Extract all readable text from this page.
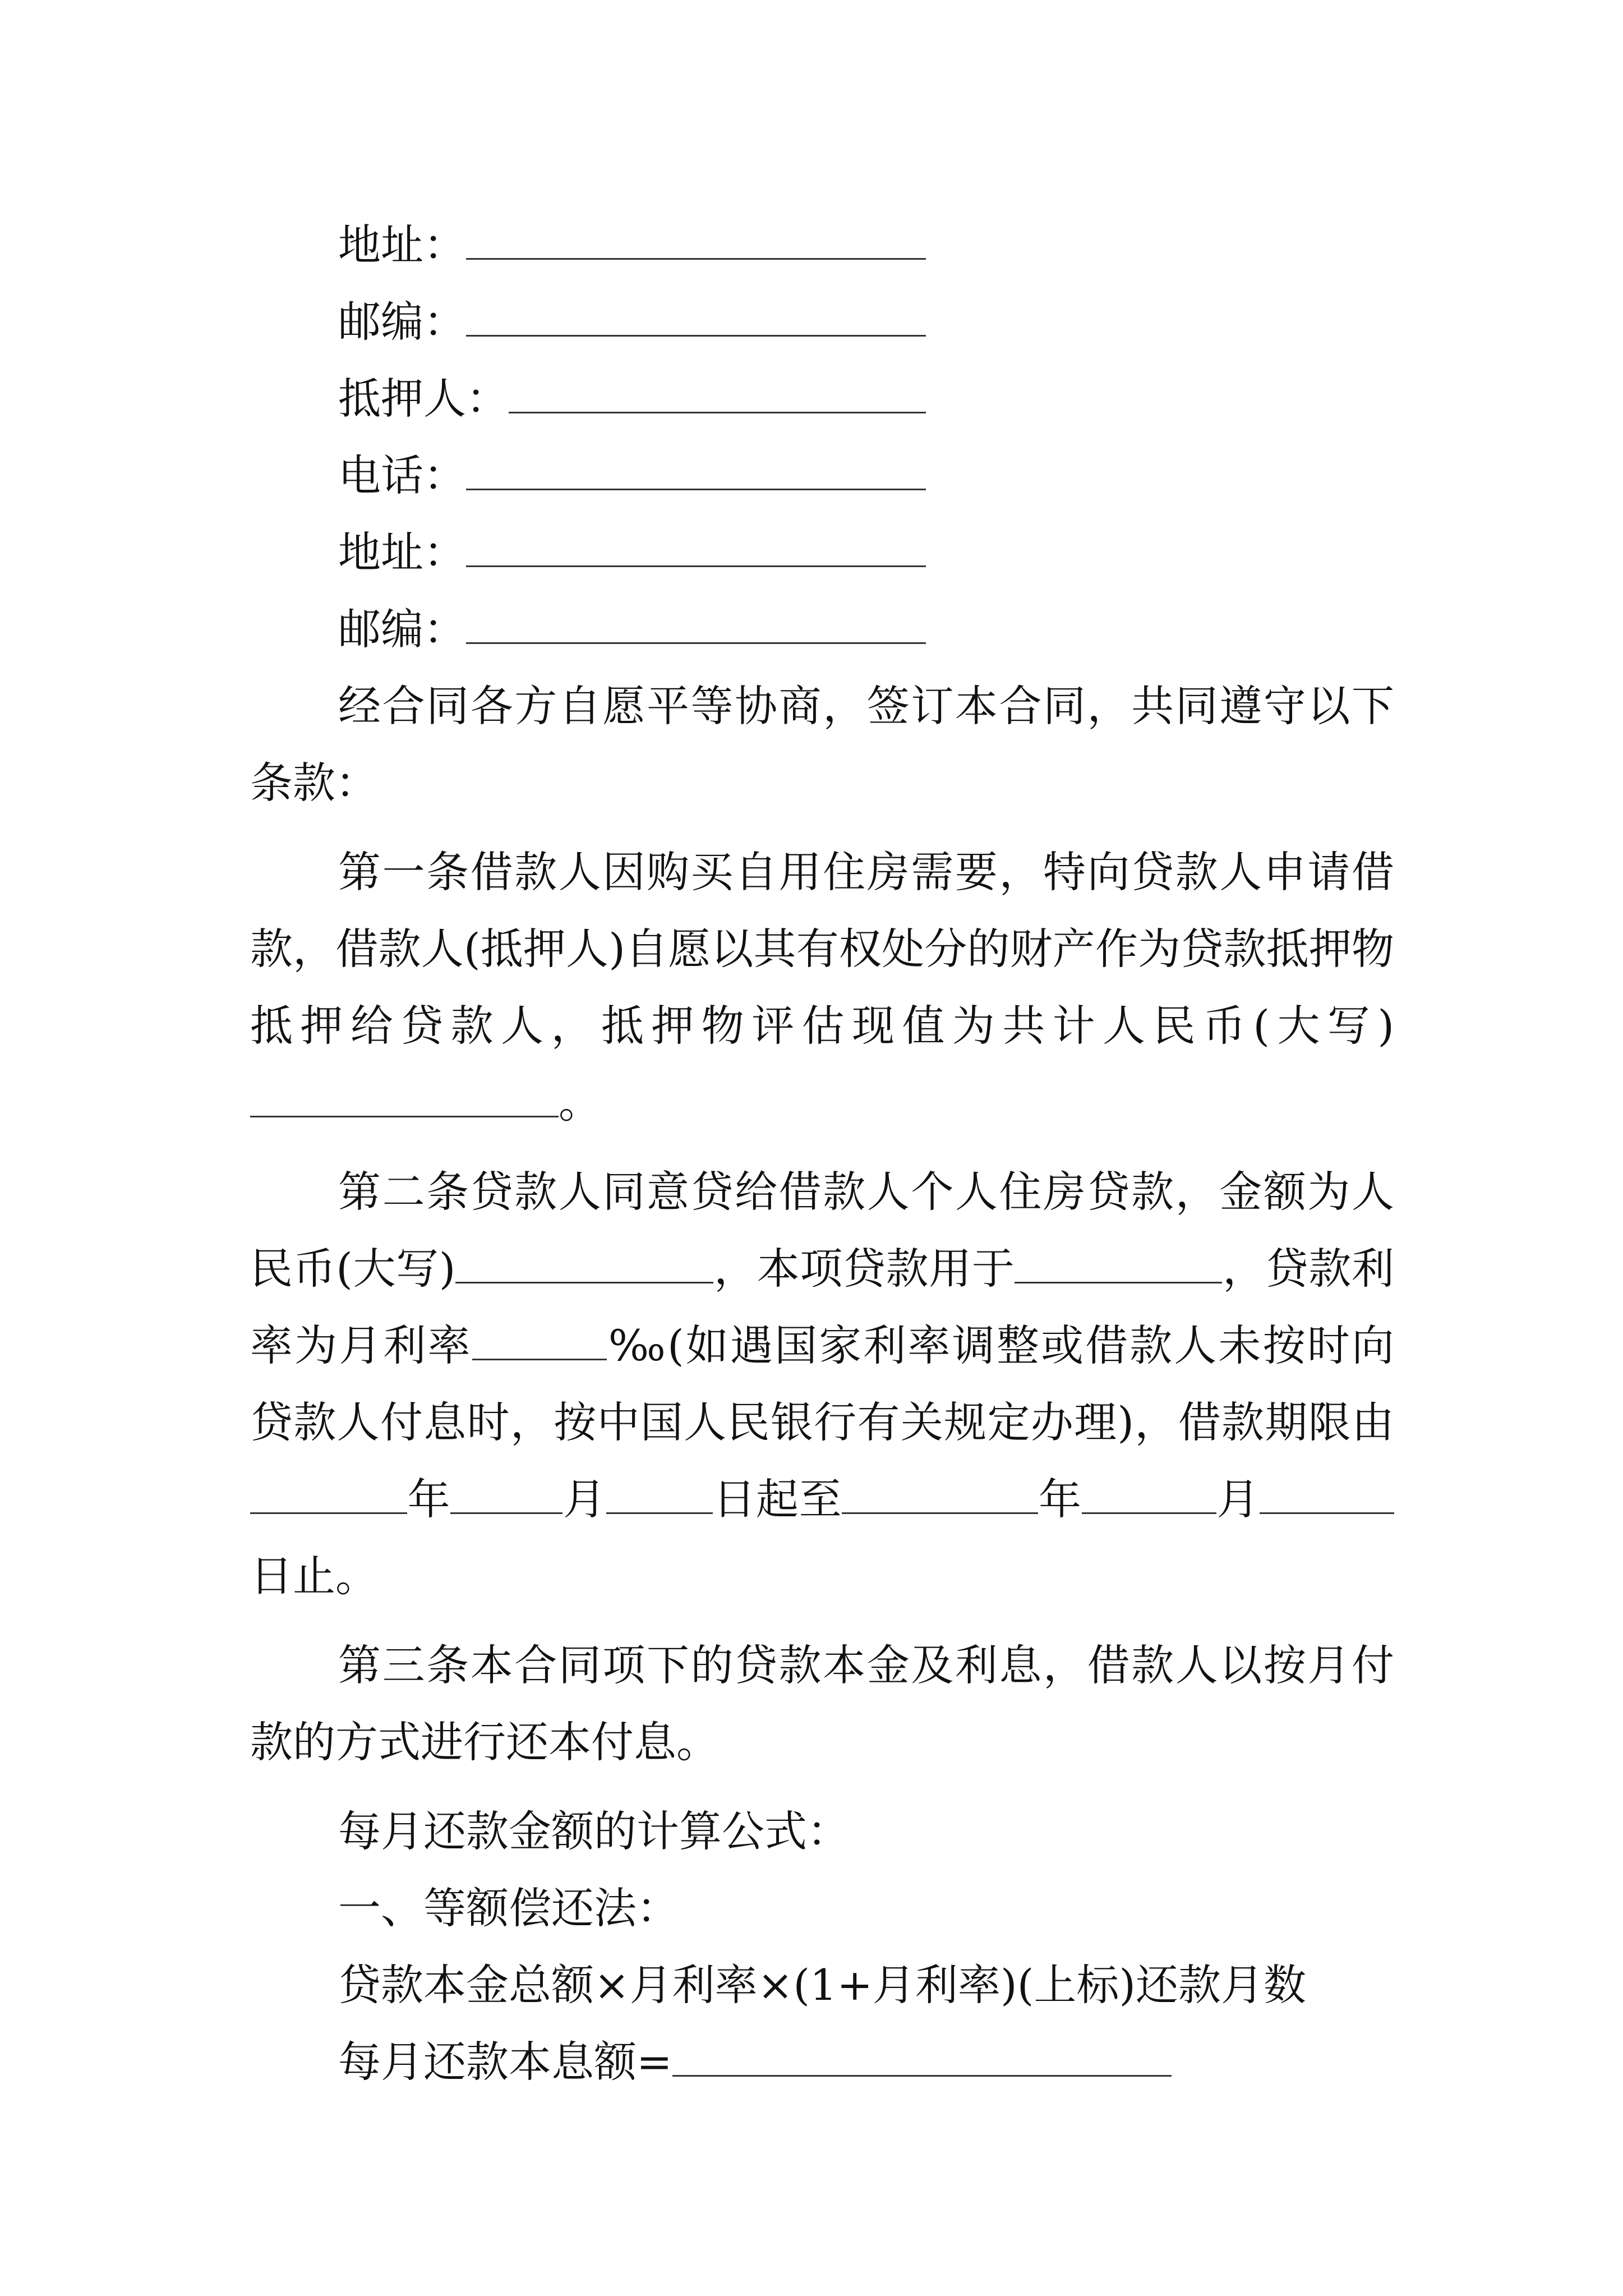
地址：
邮编：
抵押人：
电话：
地址：
邮编：

经合同各方自愿平等协商，签订本合同，共同遵守以下条款：

第一条借款人因购买自用住房需要，特向贷款人申请借款，借款人(抵押人)自愿以其有权处分的财产作为贷款抵押物抵押给贷款人，抵押物评估现值为共计人民币(大写)。

第二条贷款人同意贷给借款人个人住房贷款，金额为人民币(大写)	，本项贷款用于	，贷款利率为月利率	‰(如遇国家利率调整或借款人未按时向贷款人付息时，按中国人民银行有关规定办理)，借款期限由年	月	日起至	年	月日止。

第三条本合同项下的贷款本金及利息，借款人以按月付款的方式进行还本付息。

每月还款金额的计算公式：
一、等额偿还法：
贷款本金总额×月利率×(1+月利率)(上标)还款月数
每月还款本息额=
